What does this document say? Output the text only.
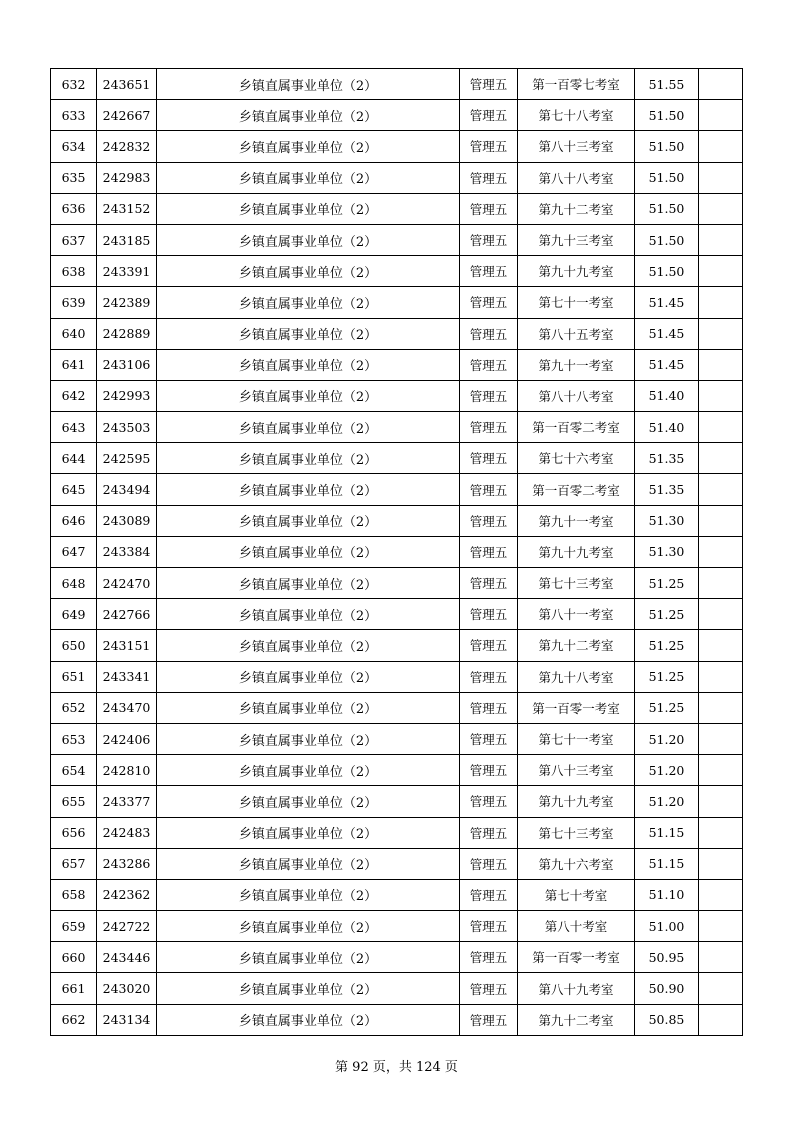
632	243651	乡镇直属事业单位（2）	管理五	第一百零七考室	51.55	
633	242667	乡镇直属事业单位（2）	管理五	第七十八考室	51.50	
634	242832	乡镇直属事业单位（2）	管理五	第八十三考室	51.50	
635	242983	乡镇直属事业单位（2）	管理五	第八十八考室	51.50	
636	243152	乡镇直属事业单位（2）	管理五	第九十二考室	51.50	
637	243185	乡镇直属事业单位（2）	管理五	第九十三考室	51.50	
638	243391	乡镇直属事业单位（2）	管理五	第九十九考室	51.50	
639	242389	乡镇直属事业单位（2）	管理五	第七十一考室	51.45	
640	242889	乡镇直属事业单位（2）	管理五	第八十五考室	51.45	
641	243106	乡镇直属事业单位（2）	管理五	第九十一考室	51.45	
642	242993	乡镇直属事业单位（2）	管理五	第八十八考室	51.40	
643	243503	乡镇直属事业单位（2）	管理五	第一百零二考室	51.40	
644	242595	乡镇直属事业单位（2）	管理五	第七十六考室	51.35	
645	243494	乡镇直属事业单位（2）	管理五	第一百零二考室	51.35	
646	243089	乡镇直属事业单位（2）	管理五	第九十一考室	51.30	
647	243384	乡镇直属事业单位（2）	管理五	第九十九考室	51.30	
648	242470	乡镇直属事业单位（2）	管理五	第七十三考室	51.25	
649	242766	乡镇直属事业单位（2）	管理五	第八十一考室	51.25	
650	243151	乡镇直属事业单位（2）	管理五	第九十二考室	51.25	
651	243341	乡镇直属事业单位（2）	管理五	第九十八考室	51.25	
652	243470	乡镇直属事业单位（2）	管理五	第一百零一考室	51.25	
653	242406	乡镇直属事业单位（2）	管理五	第七十一考室	51.20	
654	242810	乡镇直属事业单位（2）	管理五	第八十三考室	51.20	
655	243377	乡镇直属事业单位（2）	管理五	第九十九考室	51.20	
656	242483	乡镇直属事业单位（2）	管理五	第七十三考室	51.15	
657	243286	乡镇直属事业单位（2）	管理五	第九十六考室	51.15	
658	242362	乡镇直属事业单位（2）	管理五	第七十考室	51.10	
659	242722	乡镇直属事业单位（2）	管理五	第八十考室	51.00	
660	243446	乡镇直属事业单位（2）	管理五	第一百零一考室	50.95	
661	243020	乡镇直属事业单位（2）	管理五	第八十九考室	50.90	
662	243134	乡镇直属事业单位（2）	管理五	第九十二考室	50.85	
第 92 页，共 124 页
